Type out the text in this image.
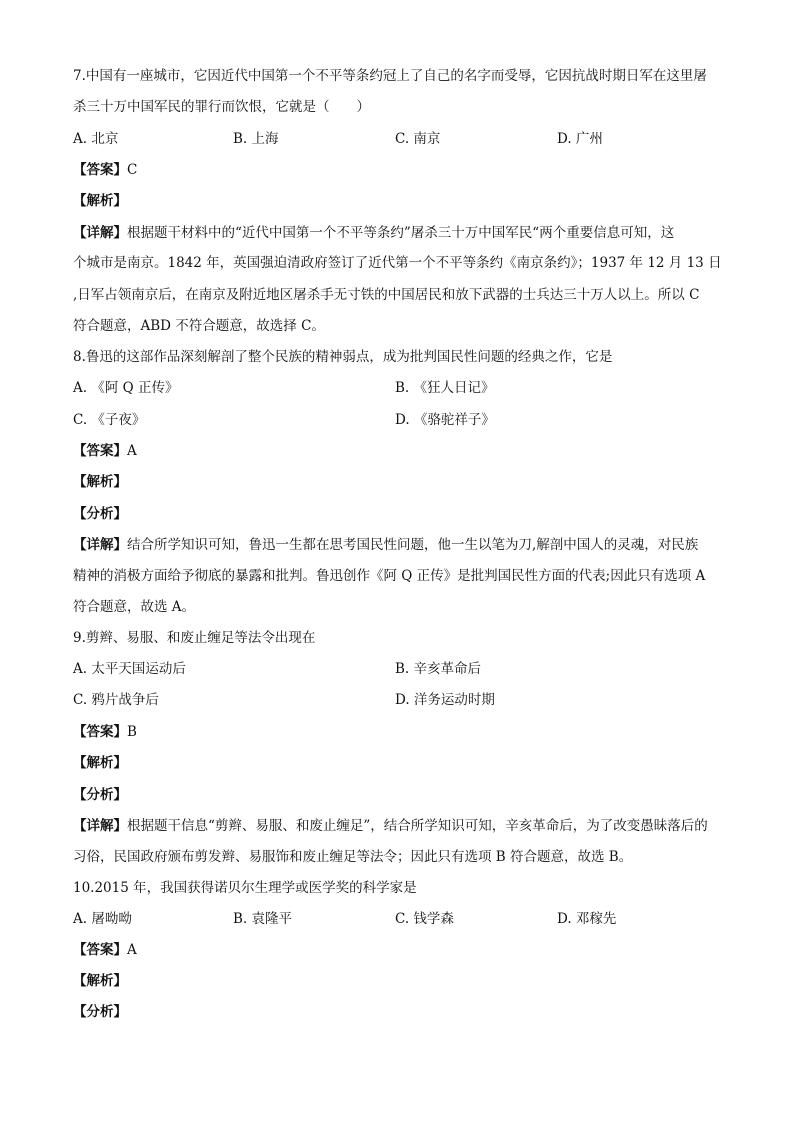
7.中国有一座城市，它因近代中国第一个不平等条约冠上了自己的名字而受辱，它因抗战时期日军在这里屠
杀三十万中国军民的罪行而饮恨，它就是（　　）
A. 北京	B. 上海	C. 南京	D. 广州
【答案】C
【解析】
【详解】根据题干材料中的“近代中国第一个不平等条约”屠杀三十万中国军民“两个重要信息可知，这
个城市是南京。1842 年，英国强迫清政府签订了近代第一个不平等条约《南京条约》；1937 年 12 月 13 日
,日军占领南京后，在南京及附近地区屠杀手无寸铁的中国居民和放下武器的士兵达三十万人以上。所以 C
符合题意，ABD 不符合题意，故选择 C。
8.鲁迅的这部作品深刻解剖了整个民族的精神弱点，成为批判国民性问题的经典之作，它是
A. 《阿 Q 正传》	B. 《狂人日记》
C. 《子夜》	D. 《骆驼祥子》
【答案】A
【解析】
【分析】
【详解】结合所学知识可知，鲁迅一生都在思考国民性问题，他一生以笔为刀,解剖中国人的灵魂，对民族
精神的消极方面给予彻底的暴露和批判。鲁迅创作《阿 Q 正传》是批判国民性方面的代表;因此只有选项 A
符合题意，故选 A。
9.剪辫、易服、和废止缠足等法令出现在
A. 太平天国运动后	B. 辛亥革命后
C. 鸦片战争后	D. 洋务运动时期
【答案】B
【解析】
【分析】
【详解】根据题干信息“剪辫、易服、和废止缠足”，结合所学知识可知，辛亥革命后，为了改变愚昧落后的
习俗，民国政府颁布剪发辫、易服饰和废止缠足等法令；因此只有选项 B 符合题意，故选 B。
10.2015 年，我国获得诺贝尔生理学或医学奖的科学家是
A. 屠呦呦	B. 袁隆平	C. 钱学森	D. 邓稼先
【答案】A
【解析】
【分析】
